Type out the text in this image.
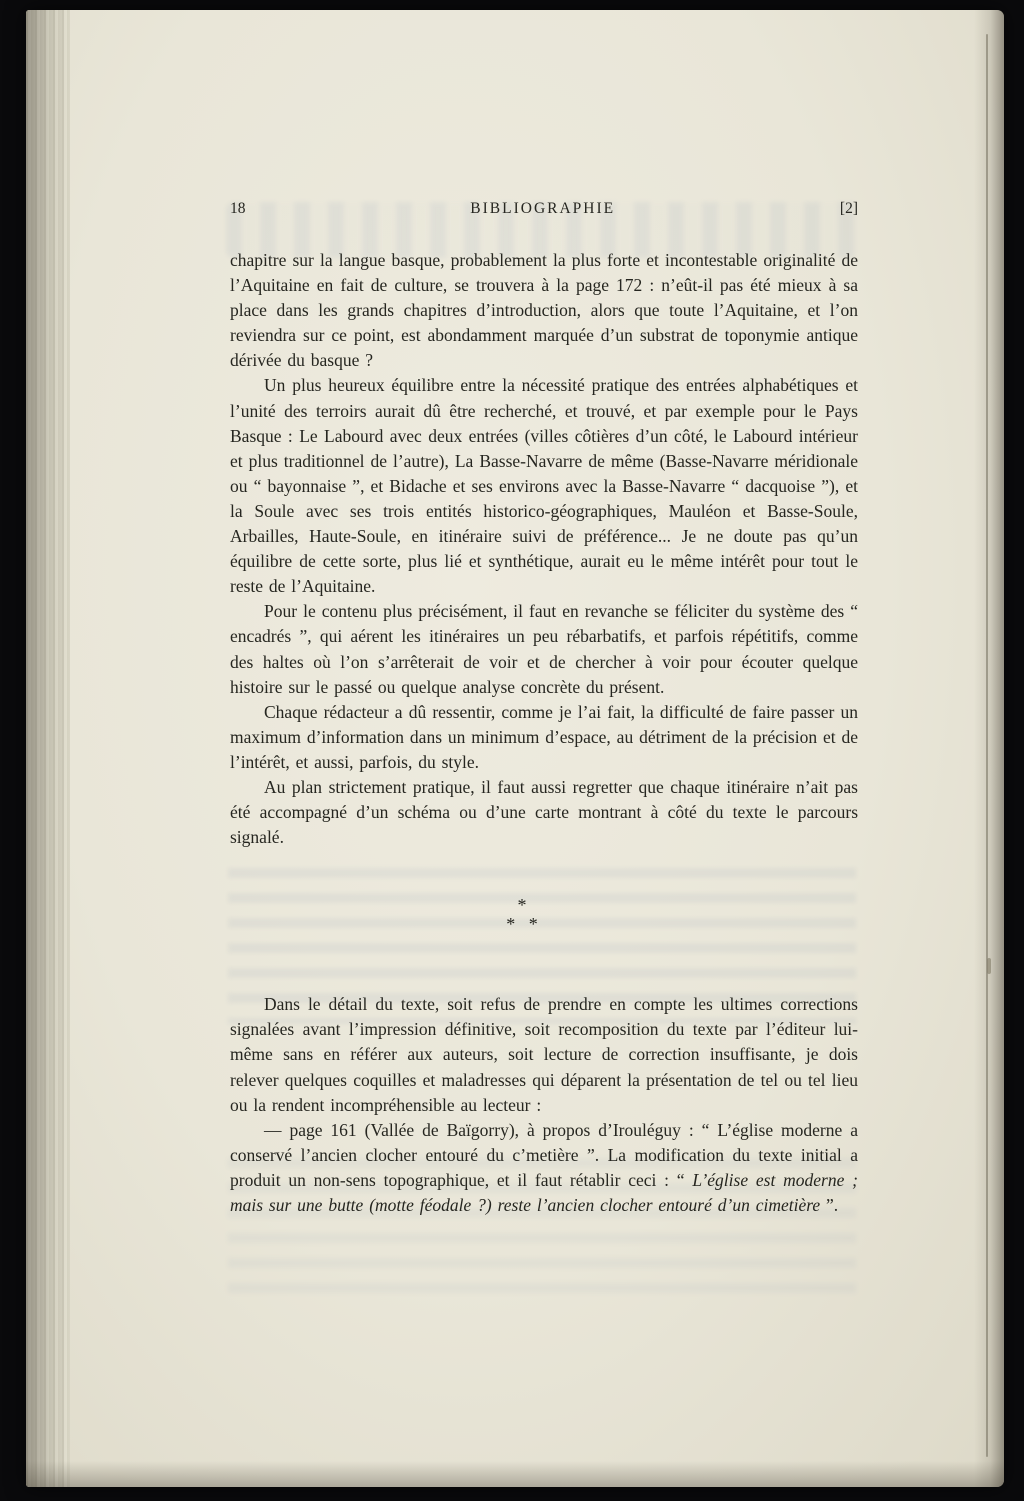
18	BIBLIOGRAPHIE	[2]

chapitre sur la langue basque, probablement la plus forte et incontestable originalité de l’Aquitaine en fait de culture, se trouvera à la page 172 : n’eût-il pas été mieux à sa place dans les grands chapitres d’introduction, alors que toute l’Aquitaine, et l’on reviendra sur ce point, est abondamment marquée d’un substrat de toponymie antique dérivée du basque ?

Un plus heureux équilibre entre la nécessité pratique des entrées alphabétiques et l’unité des terroirs aurait dû être recherché, et trouvé, et par exemple pour le Pays Basque : Le Labourd avec deux entrées (villes côtières d’un côté, le Labourd intérieur et plus traditionnel de l’autre), La Basse-Navarre de même (Basse-Navarre méridionale ou “ bayonnaise ”, et Bidache et ses environs avec la Basse-Navarre “ dacquoise ”), et la Soule avec ses trois entités historico-géographiques, Mauléon et Basse-Soule, Arbailles, Haute-Soule, en itinéraire suivi de préférence... Je ne doute pas qu’un équilibre de cette sorte, plus lié et synthétique, aurait eu le même intérêt pour tout le reste de l’Aquitaine.

Pour le contenu plus précisément, il faut en revanche se féliciter du système des “ encadrés ”, qui aérent les itinéraires un peu rébarbatifs, et parfois répétitifs, comme des haltes où l’on s’arrêterait de voir et de chercher à voir pour écouter quelque histoire sur le passé ou quelque analyse concrète du présent.

Chaque rédacteur a dû ressentir, comme je l’ai fait, la difficulté de faire passer un maximum d’information dans un minimum d’espace, au détriment de la précision et de l’intérêt, et aussi, parfois, du style.

Au plan strictement pratique, il faut aussi regretter que chaque itinéraire n’ait pas été accompagné d’un schéma ou d’une carte montrant à côté du texte le parcours signalé.

*
*   *

Dans le détail du texte, soit refus de prendre en compte les ultimes corrections signalées avant l’impression définitive, soit recomposition du texte par l’éditeur lui-même sans en référer aux auteurs, soit lecture de correction insuffisante, je dois relever quelques coquilles et maladresses qui déparent la présentation de tel ou tel lieu ou la rendent incompréhensible au lecteur :

— page 161 (Vallée de Baïgorry), à propos d’Irouléguy : “ L’église moderne a conservé l’ancien clocher entouré du c’metière ”. La modification du texte initial a produit un non-sens topographique, et il faut rétablir ceci : “ L’église est moderne ; mais sur une butte (motte féodale ?) reste l’ancien clocher entouré d’un cimetière ”.
